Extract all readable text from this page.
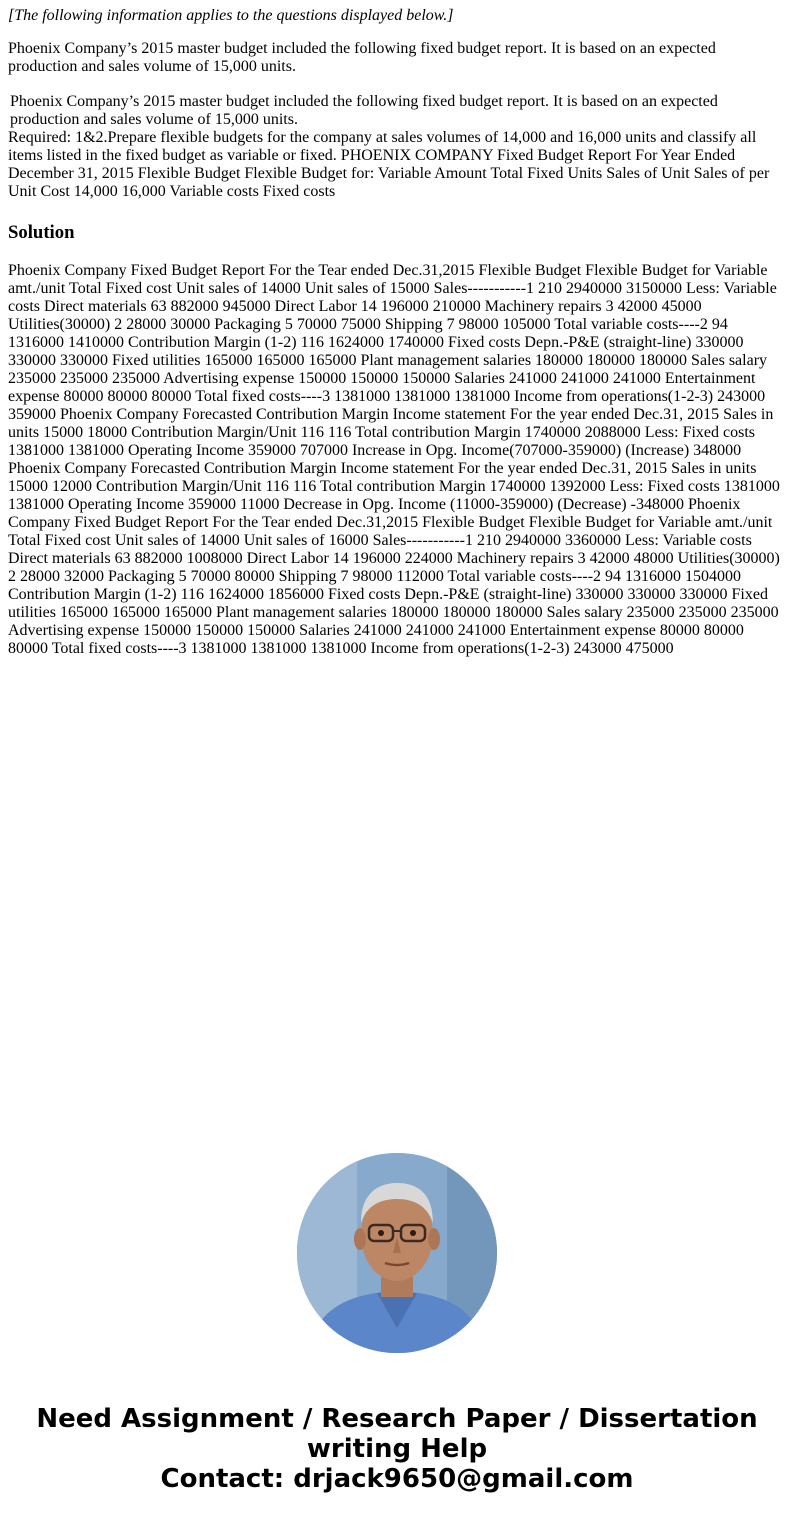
[The following information applies to the questions displayed below.]

Phoenix Company’s 2015 master budget included the following fixed budget report. It is based on an expected production and sales volume of 15,000 units.

Phoenix Company’s 2015 master budget included the following fixed budget report. It is based on an expected production and sales volume of 15,000 units.

Required: 1&2.Prepare flexible budgets for the company at sales volumes of 14,000 and 16,000 units and classify all items listed in the fixed budget as variable or fixed. PHOENIX COMPANY Fixed Budget Report For Year Ended December 31, 2015 Flexible Budget Flexible Budget for: Variable Amount Total Fixed Units Sales of Unit Sales of per Unit Cost 14,000 16,000 Variable costs Fixed costs

Solution

Phoenix Company Fixed Budget Report For the Tear ended Dec.31,2015 Flexible Budget Flexible Budget for Variable amt./unit Total Fixed cost Unit sales of 14000 Unit sales of 15000 Sales-----------1 210 2940000 3150000 Less: Variable costs Direct materials 63 882000 945000 Direct Labor 14 196000 210000 Machinery repairs 3 42000 45000 Utilities(30000) 2 28000 30000 Packaging 5 70000 75000 Shipping 7 98000 105000 Total variable costs----2 94 1316000 1410000 Contribution Margin (1-2) 116 1624000 1740000 Fixed costs Depn.-P&E (straight-line) 330000 330000 330000 Fixed utilities 165000 165000 165000 Plant management salaries 180000 180000 180000 Sales salary 235000 235000 235000 Advertising expense 150000 150000 150000 Salaries 241000 241000 241000 Entertainment expense 80000 80000 80000 Total fixed costs----3 1381000 1381000 1381000 Income from operations(1-2-3) 243000 359000 Phoenix Company Forecasted Contribution Margin Income statement For the year ended Dec.31, 2015 Sales in units 15000 18000 Contribution Margin/Unit 116 116 Total contribution Margin 1740000 2088000 Less: Fixed costs 1381000 1381000 Operating Income 359000 707000 Increase in Opg. Income(707000-359000) (Increase) 348000 Phoenix Company Forecasted Contribution Margin Income statement For the year ended Dec.31, 2015 Sales in units 15000 12000 Contribution Margin/Unit 116 116 Total contribution Margin 1740000 1392000 Less: Fixed costs 1381000 1381000 Operating Income 359000 11000 Decrease in Opg. Income (11000-359000) (Decrease) -348000 Phoenix Company Fixed Budget Report For the Tear ended Dec.31,2015 Flexible Budget Flexible Budget for Variable amt./unit Total Fixed cost Unit sales of 14000 Unit sales of 16000 Sales-----------1 210 2940000 3360000 Less: Variable costs Direct materials 63 882000 1008000 Direct Labor 14 196000 224000 Machinery repairs 3 42000 48000 Utilities(30000) 2 28000 32000 Packaging 5 70000 80000 Shipping 7 98000 112000 Total variable costs----2 94 1316000 1504000 Contribution Margin (1-2) 116 1624000 1856000 Fixed costs Depn.-P&E (straight-line) 330000 330000 330000 Fixed utilities 165000 165000 165000 Plant management salaries 180000 180000 180000 Sales salary 235000 235000 235000 Advertising expense 150000 150000 150000 Salaries 241000 241000 241000 Entertainment expense 80000 80000 80000 Total fixed costs----3 1381000 1381000 1381000 Income from operations(1-2-3) 243000 475000

Need Assignment / Research Paper / Dissertation
writing Help
Contact: drjack9650@gmail.com
